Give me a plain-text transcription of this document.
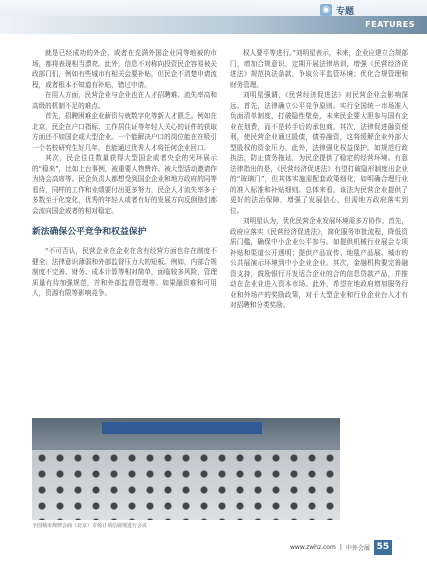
◉ 专题
FEATURES

就是已经成功的外企，或者在充满外国企业同等地被的市场，都将表现相当漂亮。此外，信息不对称向投资民企容易被关政部门们，例如有些城市有相关会要补贴，但民企不清楚申请流程，或者根本不知道有补贴，错过申请。

在用人方面，民营企业与企业也在人才招聘难、流失率高和高级的机制不足的难点。

首先，招聘困难企业薪资与就数字化等新人才匮乏。例如在北京，民企在户口指标、工作居住证等年轻人关心的证件的获取方面还不如国企或大型企业。一个能解决户口的岗位能在在吸引一个名校研究生好几年，也能通过优秀人才将任何企业回口。

其次，民企往往数量获得大型国企或者央企的光环展示的“稳来”，比如上台事例，被重要人物赞许、被大型活动邀请作为协会高席等。民企负责人都想受到国企企业和地方政府的同等看待，同样的工作和业绩要付出更多努力，民企人才流失率多于多数至于化变化，优秀的年轻人或者有好的发展方向反倒他们都会流向国企或者的相对稳定。

新法确保公平竞争和权益保护

“不可否认，民营企业在企业在含有经营方面也存在制度不健全、法律意识薄弱和外部监督压力大的短板。例如，内部合规制度不完善、财务、成本计算等相对简单，面临较多风险，管理质量有待加强规范，并和外部监督管理等。如果融资难和可用人，资源有限等影响竞争。

权人要平等进行。”刘明星表示，未来，企业应建立合规部门，增加合规意识，定期开展法律培训，增强《民营经济促进法》规范执法条款，争取公平监管环境；优化合规管理和财务管理。

刘明星强调，《民营经济促进法》对民营企业会影响深远。首先，法律确立公平竞争原则。实行全国统一市场准入负面清单制度，打破隐性壁垒，未来民企要大胆参与国有企业在划费，而不是转手后的承包商。其次，法律促进融资便利，使民营企业通过股债，债券融资，这将缓解企业外部大型股权的资金压力。此外，法律强化权益保护。如规范行政执法，防止债务拖延，为民企提供了稳定的经营环境。有意法律指出的是，《民营经济促进法》有望打破隐形制度出企业的“玻璃门”，但其体实施需配套政策细化，如明确合理行业的准入标准和补贴细则。总体来看，该法为民营企业提供了更好的法治保障，增强了发展信心，但需地方政府落实到位。

刘明星认为，优化民营企业发展环境需多方协作。首先，政府应落实《民营经济促进法》，简化服务审批流程，降低资质门槛，确保中小企业公平参与。如提供机械行业展会专项补贴和渠道公开透明；提供产品宣传、地毯产品展、城市的公共展演示环境到中小企业企业。其次，金融机构要完善融资支持，鼓励银行开发适合企业的合的信息贷款产品，并推动在企业业进入资本市场。此外，希望在地政府增加服务行业和外场产的奖励政策，对于大型企业和行业企业台入才有对招聘和分类奖励。

全国城市规律会商（北京）专场订项信展现进行会议
www.zwhz.com | 中外会展 55
